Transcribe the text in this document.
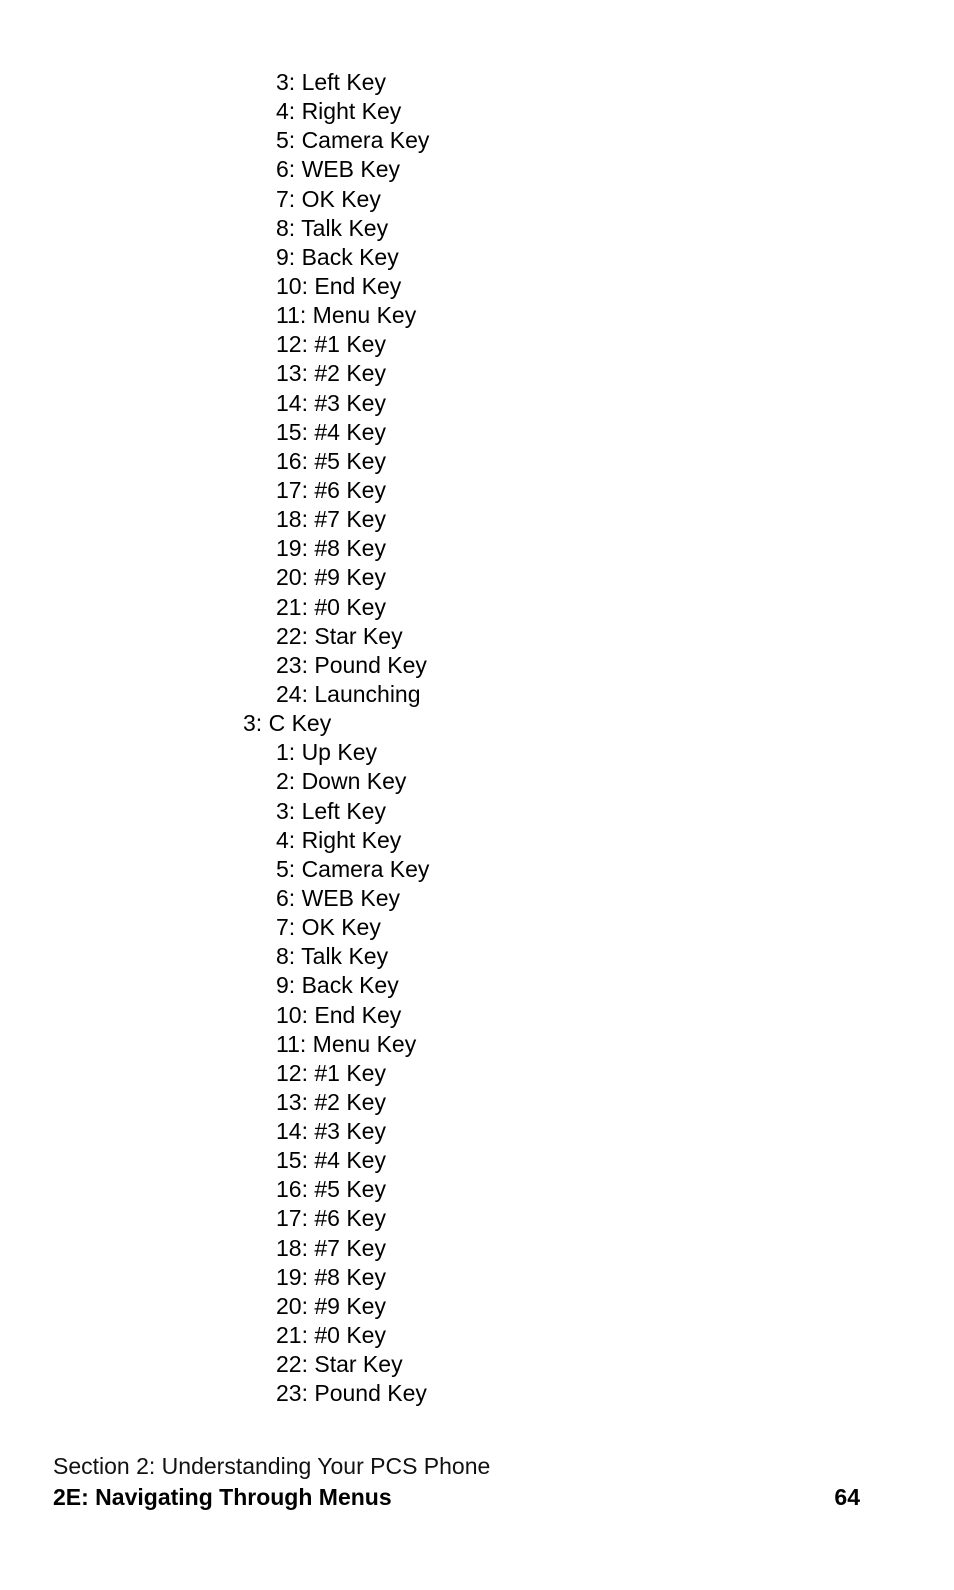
3: Left Key
4: Right Key
5: Camera Key
6: WEB Key
7: OK Key
8: Talk Key
9: Back Key
10: End Key
11: Menu Key
12: #1 Key
13: #2 Key
14: #3 Key
15: #4 Key
16: #5 Key
17: #6 Key
18: #7 Key
19: #8 Key
20: #9 Key
21: #0 Key
22: Star Key
23: Pound Key
24: Launching
3: C Key
1: Up Key
2: Down Key
3: Left Key
4: Right Key
5: Camera Key
6: WEB Key
7: OK Key
8: Talk Key
9: Back Key
10: End Key
11: Menu Key
12: #1 Key
13: #2 Key
14: #3 Key
15: #4 Key
16: #5 Key
17: #6 Key
18: #7 Key
19: #8 Key
20: #9 Key
21: #0 Key
22: Star Key
23: Pound Key
Section 2: Understanding Your PCS Phone
2E: Navigating Through Menus	64
